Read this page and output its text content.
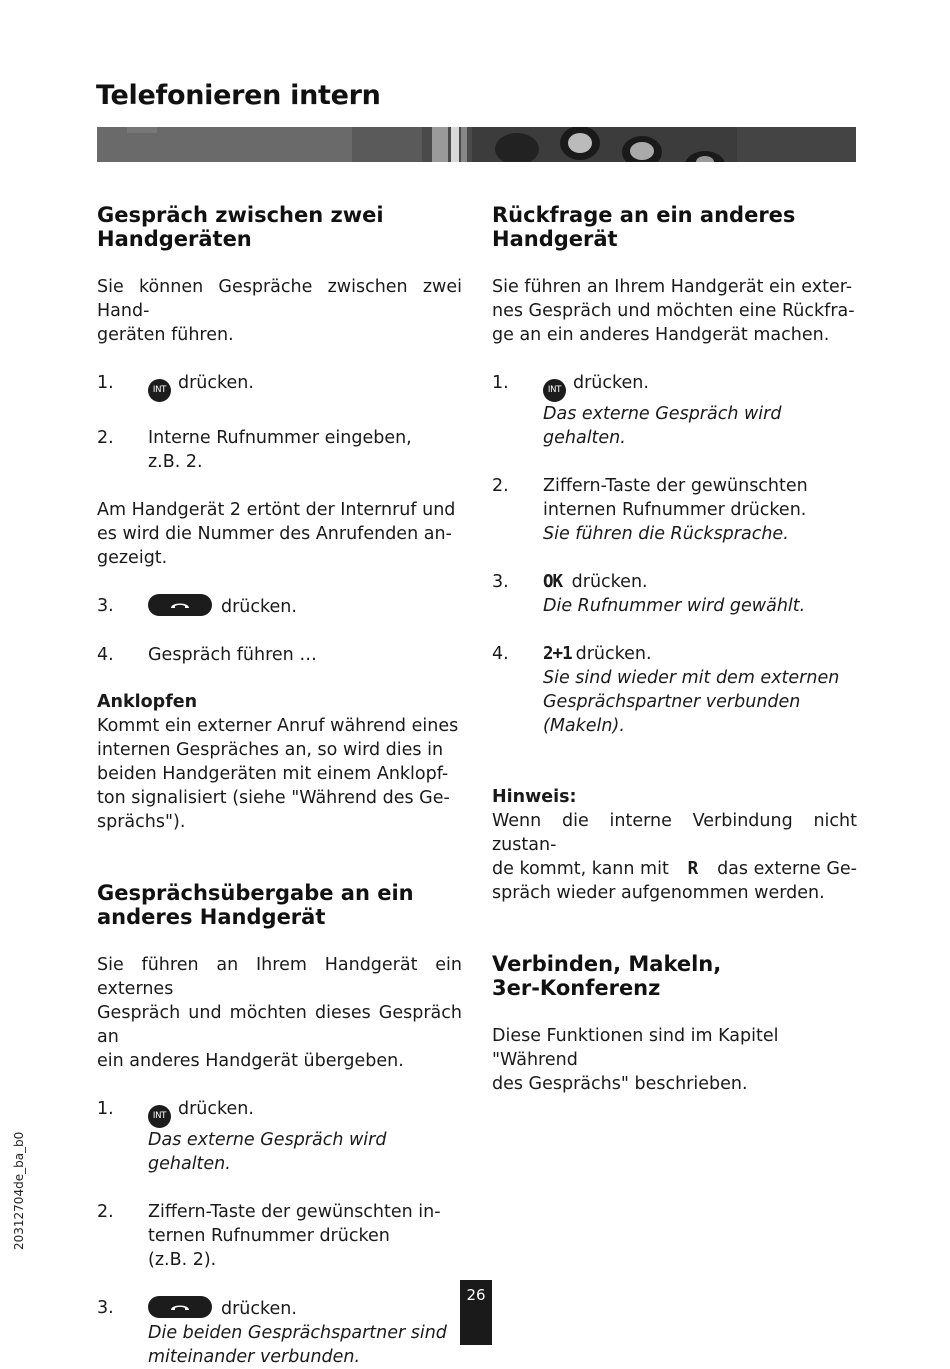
Telefonieren intern
Gespräch zwischen zwei
Handgeräten

Sie können Gespräche zwischen zwei Hand-
geräten führen.

1.	INT drücken.
2.	Interne Rufnummer eingeben,
z.B. 2.

Am Handgerät 2 ertönt der Internruf und
es wird die Nummer des Anrufenden an-
gezeigt.

3.	drücken.
4.	Gespräch führen …

Anklopfen

Kommt ein externer Anruf während eines
internen Gespräches an, so wird dies in
beiden Handgeräten mit einem Anklopf-
ton signalisiert (siehe "Während des Ge-
sprächs").

Gesprächsübergabe an ein
anderes Handgerät

Sie führen an Ihrem Handgerät ein externes
Gespräch und möchten dieses Gespräch an
ein anderes Handgerät übergeben.

1.	INT drücken.
Das externe Gespräch wird
gehalten.
2.	Ziffern-Taste der gewünschten in-
ternen Rufnummer drücken
(z.B. 2).
3.	drücken.
Die beiden Gesprächspartner sind
miteinander verbunden.
Rückfrage an ein anderes
Handgerät

Sie führen an Ihrem Handgerät ein exter-
nes Gespräch und möchten eine Rückfra-
ge an ein anderes Handgerät machen.

1.	INT drücken.
Das externe Gespräch wird
gehalten.
2.	Ziffern-Taste der gewünschten
internen Rufnummer drücken.
Sie führen die Rücksprache.
3.	OK drücken.
Die Rufnummer wird gewählt.
4.	2+1 drücken.
Sie sind wieder mit dem externen
Gesprächspartner verbunden
(Makeln).

Hinweis:

Wenn die interne Verbindung nicht zustan-

de kommt, kann mit R das externe Ge-
spräch wieder aufgenommen werden.

Verbinden, Makeln,
3er-Konferenz

Diese Funktionen sind im Kapitel "Während
des Gesprächs" beschrieben.

20312704de_ba_b0
26
